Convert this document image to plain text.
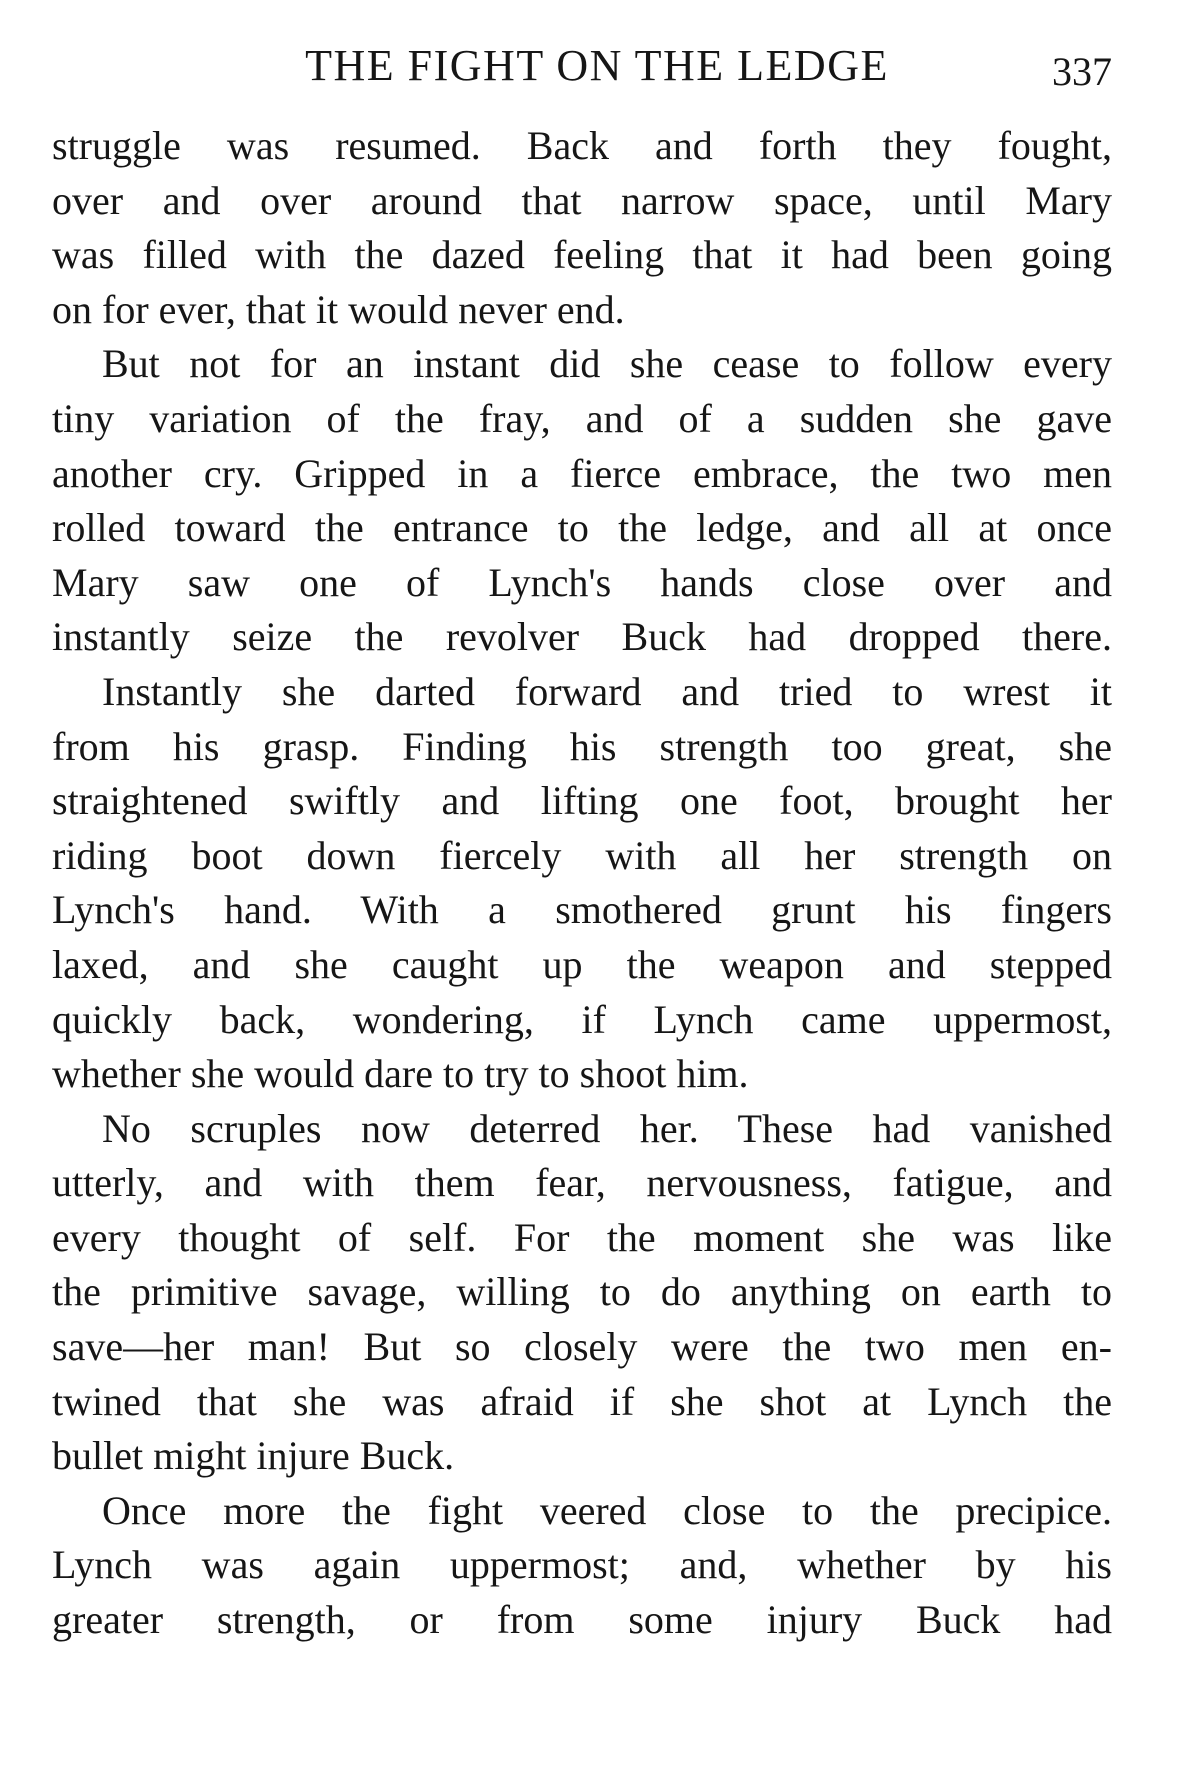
THE FIGHT ON THE LEDGE	337
struggle was resumed. Back and forth they fought,
over and over around that narrow space, until Mary
was filled with the dazed feeling that it had been going
on for ever, that it would never end.
But not for an instant did she cease to follow every
tiny variation of the fray, and of a sudden she gave
another cry. Gripped in a fierce embrace, the two men
rolled toward the entrance to the ledge, and all at once
Mary saw one of Lynch's hands close over and
instantly seize the revolver Buck had dropped there.
Instantly she darted forward and tried to wrest it
from his grasp. Finding his strength too great, she
straightened swiftly and lifting one foot, brought her
riding boot down fiercely with all her strength on
Lynch's hand. With a smothered grunt his fingers
laxed, and she caught up the weapon and stepped
quickly back, wondering, if Lynch came uppermost,
whether she would dare to try to shoot him.
No scruples now deterred her. These had vanished
utterly, and with them fear, nervousness, fatigue, and
every thought of self. For the moment she was like
the primitive savage, willing to do anything on earth to
save—her man! But so closely were the two men en-
twined that she was afraid if she shot at Lynch the
bullet might injure Buck.
Once more the fight veered close to the precipice.
Lynch was again uppermost; and, whether by his
greater strength, or from some injury Buck had
